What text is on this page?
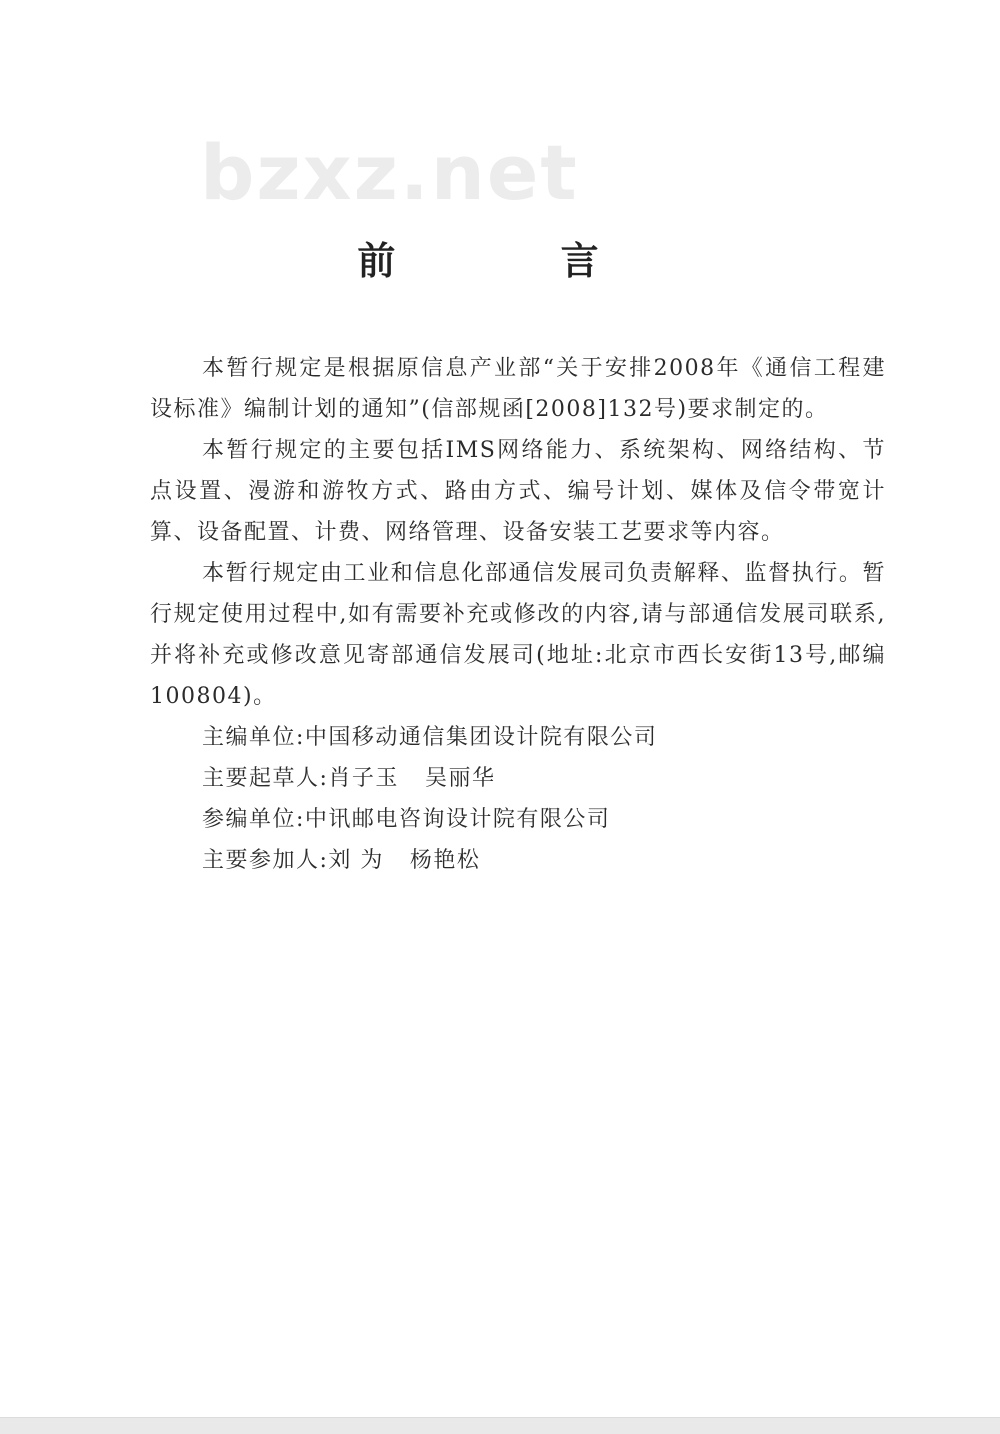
bzxz.net
前 言

本暂行规定是根据原信息产业部“关于安排2008年《通信工程建设标准》编制计划的通知”(信部规函[2008]132号)要求制定的。

本暂行规定的主要包括IMS网络能力、系统架构、网络结构、节点设置、漫游和游牧方式、路由方式、编号计划、媒体及信令带宽计算、设备配置、计费、网络管理、设备安装工艺要求等内容。

本暂行规定由工业和信息化部通信发展司负责解释、监督执行。暂行规定使用过程中,如有需要补充或修改的内容,请与部通信发展司联系,并将补充或修改意见寄部通信发展司(地址:北京市西长安街13号,邮编100804)。

主编单位:中国移动通信集团设计院有限公司

主要起草人:肖子玉 吴丽华

参编单位:中讯邮电咨询设计院有限公司

主要参加人:刘 为 杨艳松
